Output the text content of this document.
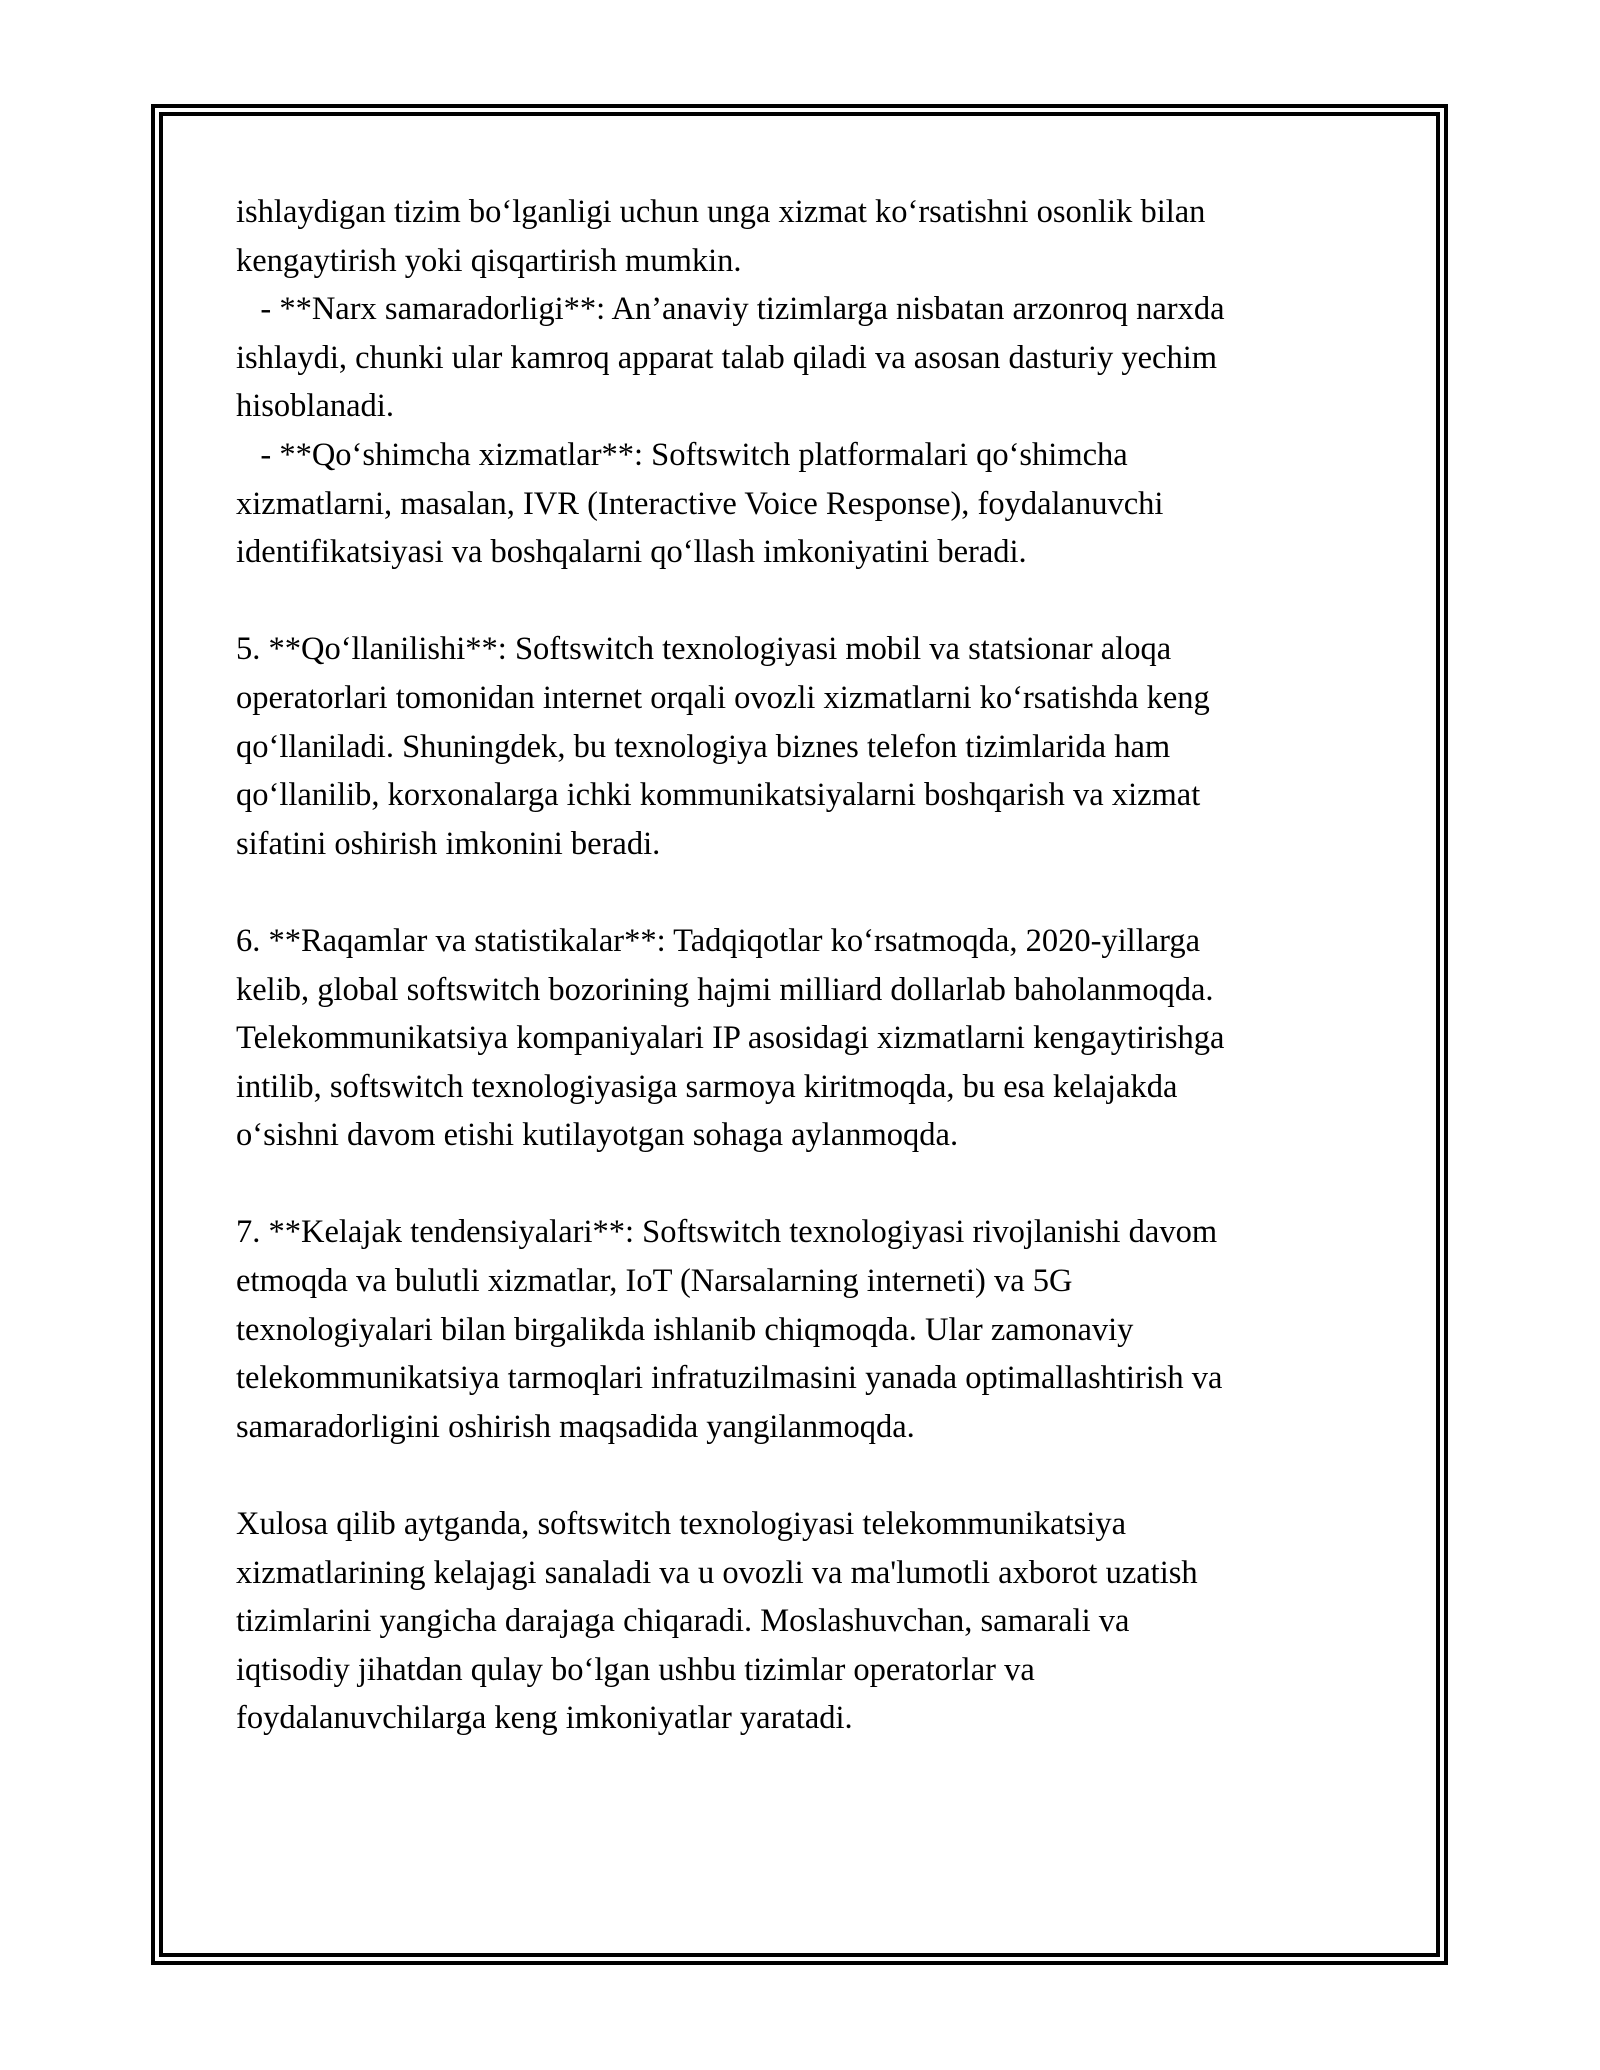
ishlaydigan tizim bo‘lganligi uchun unga xizmat ko‘rsatishni osonlik bilan

kengaytirish yoki qisqartirish mumkin.

- **Narx samaradorligi**: An’anaviy tizimlarga nisbatan arzonroq narxda

ishlaydi, chunki ular kamroq apparat talab qiladi va asosan dasturiy yechim

hisoblanadi.

- **Qo‘shimcha xizmatlar**: Softswitch platformalari qo‘shimcha

xizmatlarni, masalan, IVR (Interactive Voice Response), foydalanuvchi

identifikatsiyasi va boshqalarni qo‘llash imkoniyatini beradi.

5. **Qo‘llanilishi**: Softswitch texnologiyasi mobil va statsionar aloqa

operatorlari tomonidan internet orqali ovozli xizmatlarni ko‘rsatishda keng

qo‘llaniladi. Shuningdek, bu texnologiya biznes telefon tizimlarida ham

qo‘llanilib, korxonalarga ichki kommunikatsiyalarni boshqarish va xizmat

sifatini oshirish imkonini beradi.

6. **Raqamlar va statistikalar**: Tadqiqotlar ko‘rsatmoqda, 2020-yillarga

kelib, global softswitch bozorining hajmi milliard dollarlab baholanmoqda.

Telekommunikatsiya kompaniyalari IP asosidagi xizmatlarni kengaytirishga

intilib, softswitch texnologiyasiga sarmoya kiritmoqda, bu esa kelajakda

o‘sishni davom etishi kutilayotgan sohaga aylanmoqda.

7. **Kelajak tendensiyalari**: Softswitch texnologiyasi rivojlanishi davom

etmoqda va bulutli xizmatlar, IoT (Narsalarning interneti) va 5G

texnologiyalari bilan birgalikda ishlanib chiqmoqda. Ular zamonaviy

telekommunikatsiya tarmoqlari infratuzilmasini yanada optimallashtirish va

samaradorligini oshirish maqsadida yangilanmoqda.

Xulosa qilib aytganda, softswitch texnologiyasi telekommunikatsiya

xizmatlarining kelajagi sanaladi va u ovozli va ma'lumotli axborot uzatish

tizimlarini yangicha darajaga chiqaradi. Moslashuvchan, samarali va

iqtisodiy jihatdan qulay bo‘lgan ushbu tizimlar operatorlar va

foydalanuvchilarga keng imkoniyatlar yaratadi.
